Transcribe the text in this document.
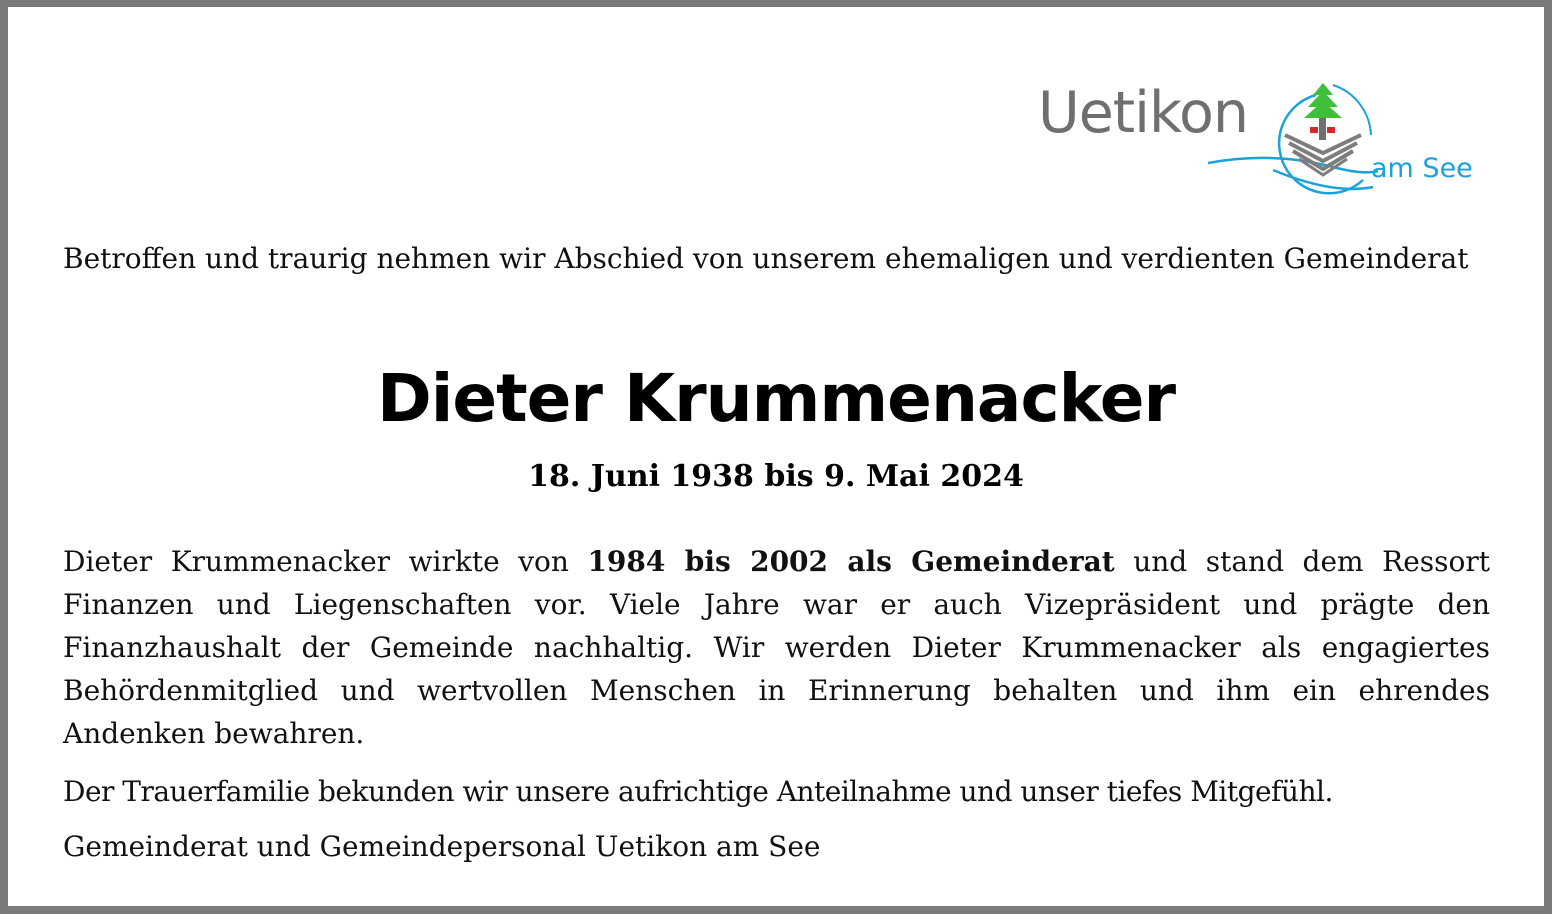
Uetikon
am See
Betroffen und traurig nehmen wir Abschied von unserem ehemaligen und verdienten Gemeinderat
Dieter Krummenacker
18. Juni 1938 bis 9. Mai 2024
Dieter Krummenacker wirkte von 1984 bis 2002 als Gemeinderat und stand dem Ressort Finanzen und Liegenschaften vor. Viele Jahre war er auch Vizepräsident und prägte den Finanzhaushalt der Gemeinde nachhaltig. Wir werden Dieter Krummenacker als engagiertes Behördenmitglied und wertvollen Menschen in Erinnerung behalten und ihm ein ehrendes Andenken bewahren.
Der Trauerfamilie bekunden wir unsere aufrichtige Anteilnahme und unser tiefes Mitgefühl.
Gemeinderat und Gemeindepersonal Uetikon am See
